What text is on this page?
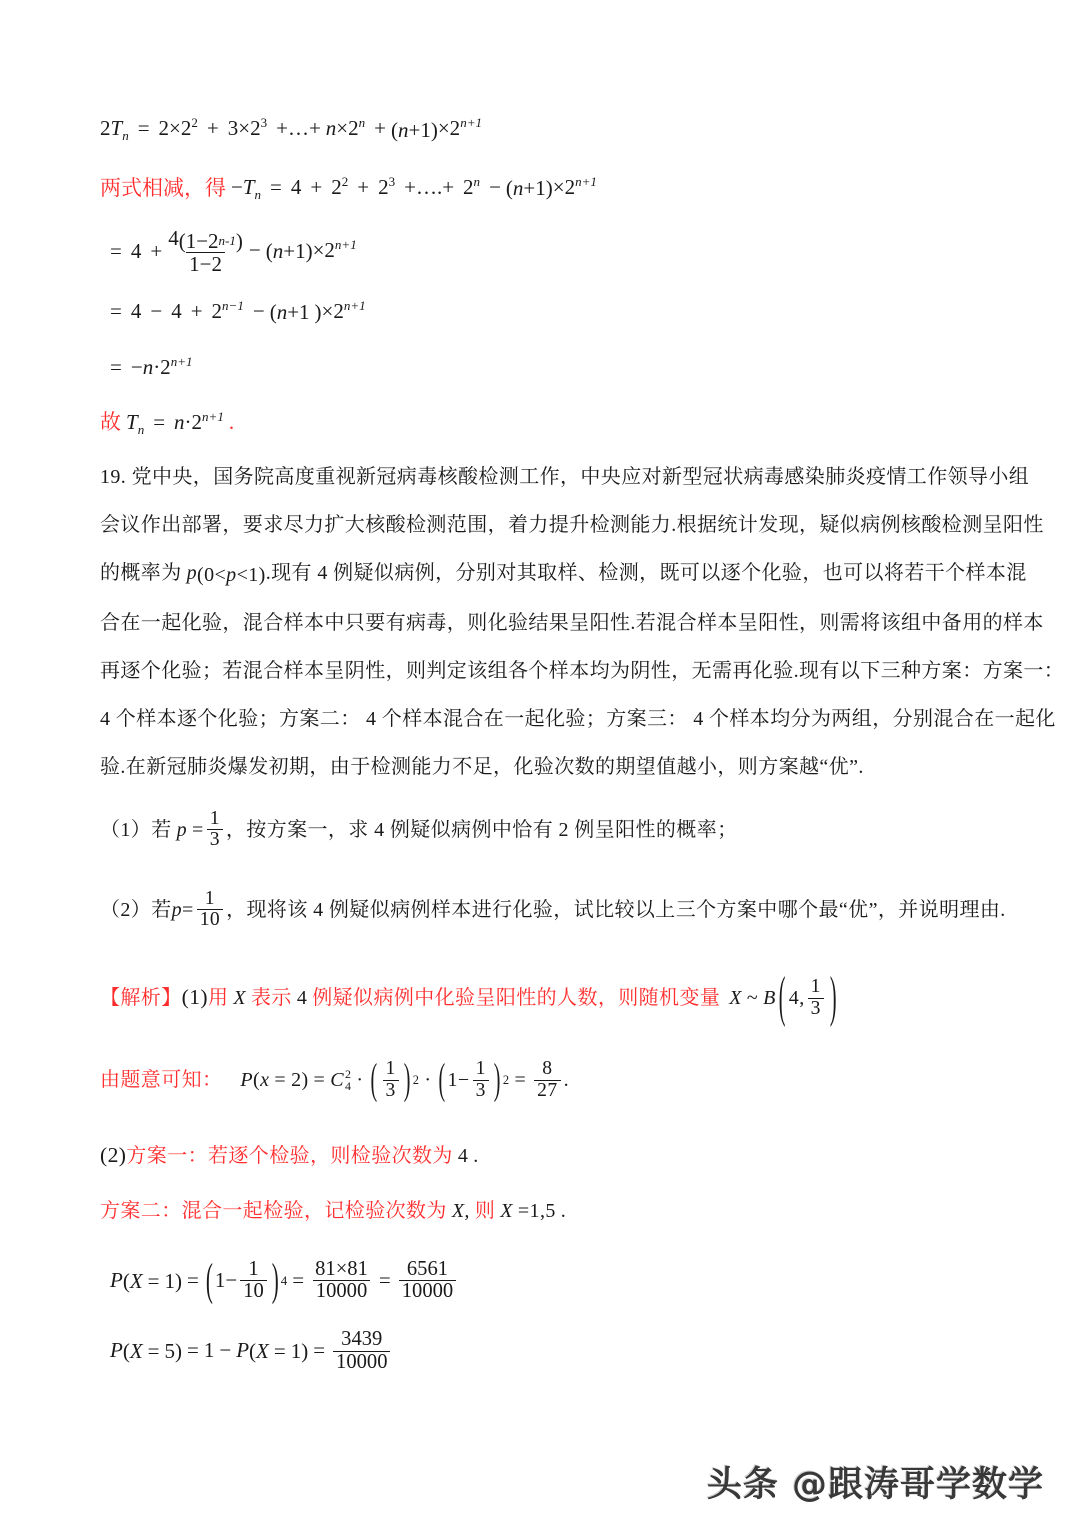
$2T_n = 2\times 2^2 + 3\times 2^3$ +…+ $n\times 2^n$ + ( n +1 ) $\times 2^{n+1}$
两式相减，得 $-T_n = 4 + 2^2 + 2^3$ +….+ $2^n$ − ( n +1 ) $\times 2^{n+1}$
= $4 + \frac{4 ( 1-2 n-1 )}{1-2}$ − ( n +1 ) $\times 2^{n+1}$
= $4 - 4 + 2^{n-1}$ − ( n +1 ) $\times 2^{n+1}$
= $-n\cdot 2^{n+1}$
故 $T_n = n\cdot 2^{n+1}$ .
19. 党中央，国务院高度重视新冠病毒核酸检测工作，中央应对新型冠状病毒感染肺炎疫情工作领导小组
会议作出部署，要求尽力扩大核酸检测范围，着力提升检测能力.根据统计发现，疑似病例核酸检测呈阳性
的概率为 p ( 0< p <1 ) .现有 4 例疑似病例，分别对其取样、检测，既可以逐个化验，也可以将若干个样本混
合在一起化验，混合样本中只要有病毒，则化验结果呈阳性.若混合样本呈阳性，则需将该组中备用的样本
再逐个化验；若混合样本呈阴性，则判定该组各个样本均为阴性，无需再化验.现有以下三种方案：方案一：
4 个样本逐个化验；方案二： 4 个样本混合在一起化验；方案三： 4 个样本均分为两组，分别混合在一起化
验.在新冠肺炎爆发初期，由于检测能力不足，化验次数的期望值越小，则方案越“优”.
（1）若 $p = \frac{1}{3}$ ，按方案一，求 4 例疑似病例中恰有 2 例呈阳性的概率；
（2）若 $p = \frac{1}{10}$ ，现将该 4 例疑似病例样本进行化验，试比较以上三个方案中哪个最“优”，并说明理由.
【解析】 (1) 用 X 表示 4 例疑似病例中化验呈阳性的人数，则随机变量 X ~ B ( 4 , $\frac{1}{3}$ )
由题意可知： P ( x = 2 ) = C 2
4 · ( $\frac{1}{3}$ ) 2 · ( $1- \frac{1}{3}$ ) $2 = \frac{8}{27}$ .
(2) 方案一： 若逐个检验，则检验次数为 4 .
方案二： 混合一起检验，记检验次数为 X, 则 X =1,5 .
P ( X = 1 ) = ( $1- \frac{1}{10}$ ) $4 = \frac{81\times 81}{10000} = \frac{6561}{10000}$
P ( X = 5 ) = 1 − P ( X = 1 ) = $\frac{3439}{10000}$
头条 @跟涛哥学数学
